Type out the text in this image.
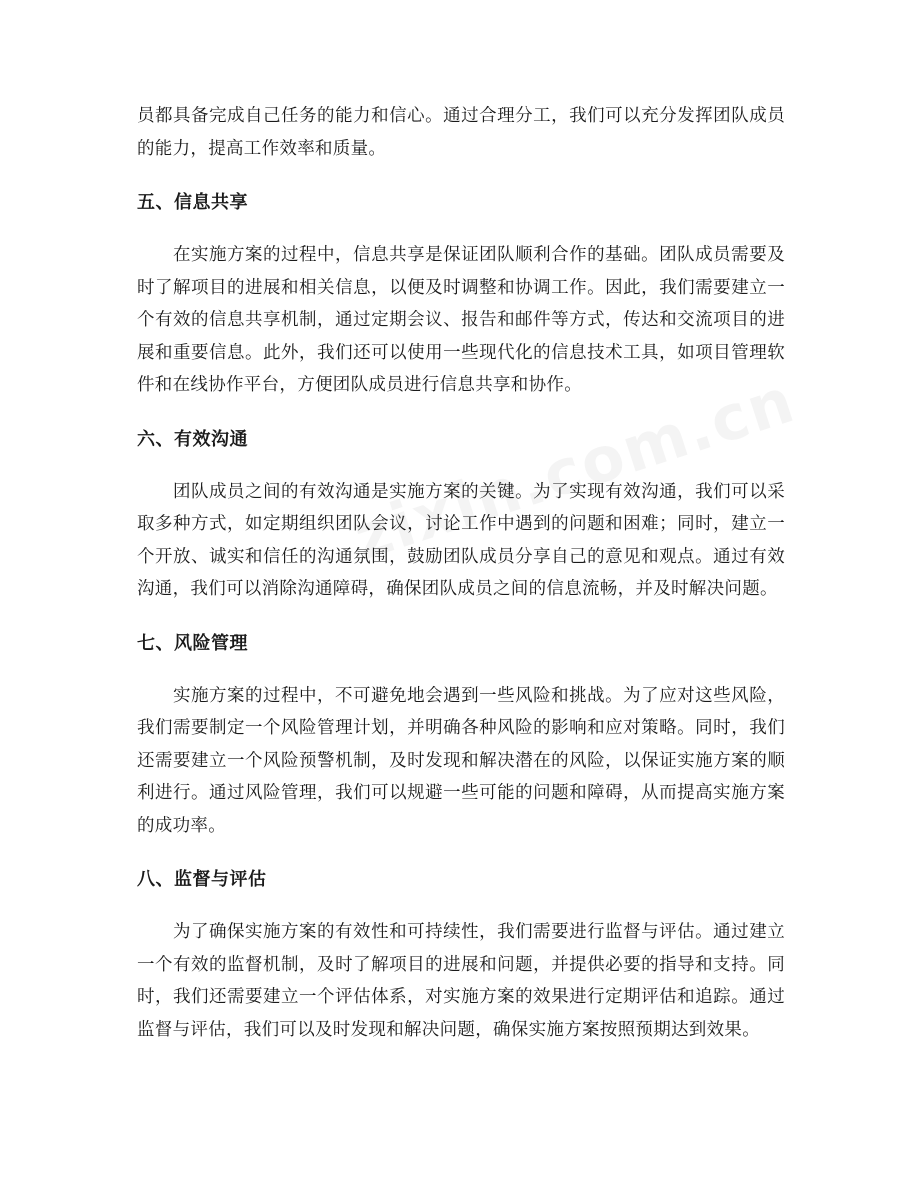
员都具备完成自己任务的能力和信心。通过合理分工，我们可以充分发挥团队成员的能力，提高工作效率和质量。

五、信息共享

在实施方案的过程中，信息共享是保证团队顺利合作的基础。团队成员需要及时了解项目的进展和相关信息，以便及时调整和协调工作。因此，我们需要建立一个有效的信息共享机制，通过定期会议、报告和邮件等方式，传达和交流项目的进展和重要信息。此外，我们还可以使用一些现代化的信息技术工具，如项目管理软件和在线协作平台，方便团队成员进行信息共享和协作。

六、有效沟通

团队成员之间的有效沟通是实施方案的关键。为了实现有效沟通，我们可以采取多种方式，如定期组织团队会议，讨论工作中遇到的问题和困难；同时，建立一个开放、诚实和信任的沟通氛围，鼓励团队成员分享自己的意见和观点。通过有效沟通，我们可以消除沟通障碍，确保团队成员之间的信息流畅，并及时解决问题。

七、风险管理

实施方案的过程中，不可避免地会遇到一些风险和挑战。为了应对这些风险，我们需要制定一个风险管理计划，并明确各种风险的影响和应对策略。同时，我们还需要建立一个风险预警机制，及时发现和解决潜在的风险，以保证实施方案的顺利进行。通过风险管理，我们可以规避一些可能的问题和障碍，从而提高实施方案的成功率。

八、监督与评估

为了确保实施方案的有效性和可持续性，我们需要进行监督与评估。通过建立一个有效的监督机制，及时了解项目的进展和问题，并提供必要的指导和支持。同时，我们还需要建立一个评估体系，对实施方案的效果进行定期评估和追踪。通过监督与评估，我们可以及时发现和解决问题，确保实施方案按照预期达到效果。
